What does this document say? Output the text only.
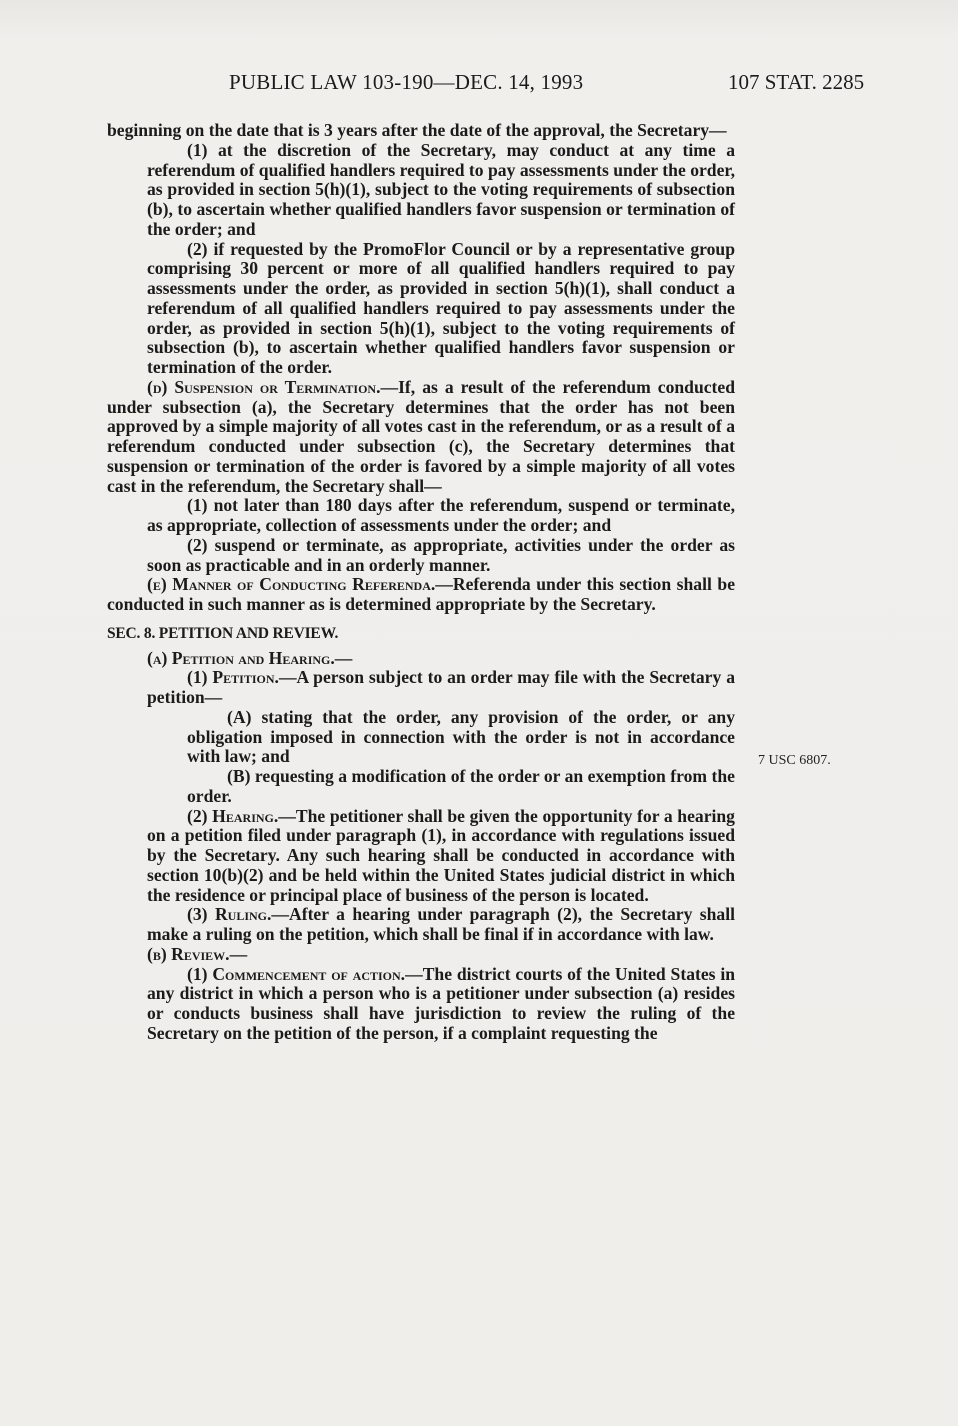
PUBLIC LAW 103-190—DEC. 14, 1993	107 STAT. 2285
7 USC 6807.

beginning on the date that is 3 years after the date of the approval, the Secretary—

(1) at the discretion of the Secretary, may conduct at any time a referendum of qualified handlers required to pay assessments under the order, as provided in section 5(h)(1), subject to the voting requirements of subsection (b), to ascertain whether qualified handlers favor suspension or termination of the order; and

(2) if requested by the PromoFlor Council or by a representative group comprising 30 percent or more of all qualified handlers required to pay assessments under the order, as provided in section 5(h)(1), shall conduct a referendum of all qualified handlers required to pay assessments under the order, as provided in section 5(h)(1), subject to the voting requirements of subsection (b), to ascertain whether qualified handlers favor suspension or termination of the order.

(d) Suspension or Termination.—If, as a result of the referendum conducted under subsection (a), the Secretary determines that the order has not been approved by a simple majority of all votes cast in the referendum, or as a result of a referendum conducted under subsection (c), the Secretary determines that suspension or termination of the order is favored by a simple majority of all votes cast in the referendum, the Secretary shall—

(1) not later than 180 days after the referendum, suspend or terminate, as appropriate, collection of assessments under the order; and

(2) suspend or terminate, as appropriate, activities under the order as soon as practicable and in an orderly manner.

(e) Manner of Conducting Referenda.—Referenda under this section shall be conducted in such manner as is determined appropriate by the Secretary.

SEC. 8. PETITION AND REVIEW.

(a) Petition and Hearing.—

(1) Petition.—A person subject to an order may file with the Secretary a petition—

(A) stating that the order, any provision of the order, or any obligation imposed in connection with the order is not in accordance with law; and

(B) requesting a modification of the order or an exemption from the order.

(2) Hearing.—The petitioner shall be given the opportunity for a hearing on a petition filed under paragraph (1), in accordance with regulations issued by the Secretary. Any such hearing shall be conducted in accordance with section 10(b)(2) and be held within the United States judicial district in which the residence or principal place of business of the person is located.

(3) Ruling.—After a hearing under paragraph (2), the Secretary shall make a ruling on the petition, which shall be final if in accordance with law.

(b) Review.—

(1) Commencement of action.—The district courts of the United States in any district in which a person who is a petitioner under subsection (a) resides or conducts business shall have jurisdiction to review the ruling of the Secretary on the petition of the person, if a complaint requesting the
